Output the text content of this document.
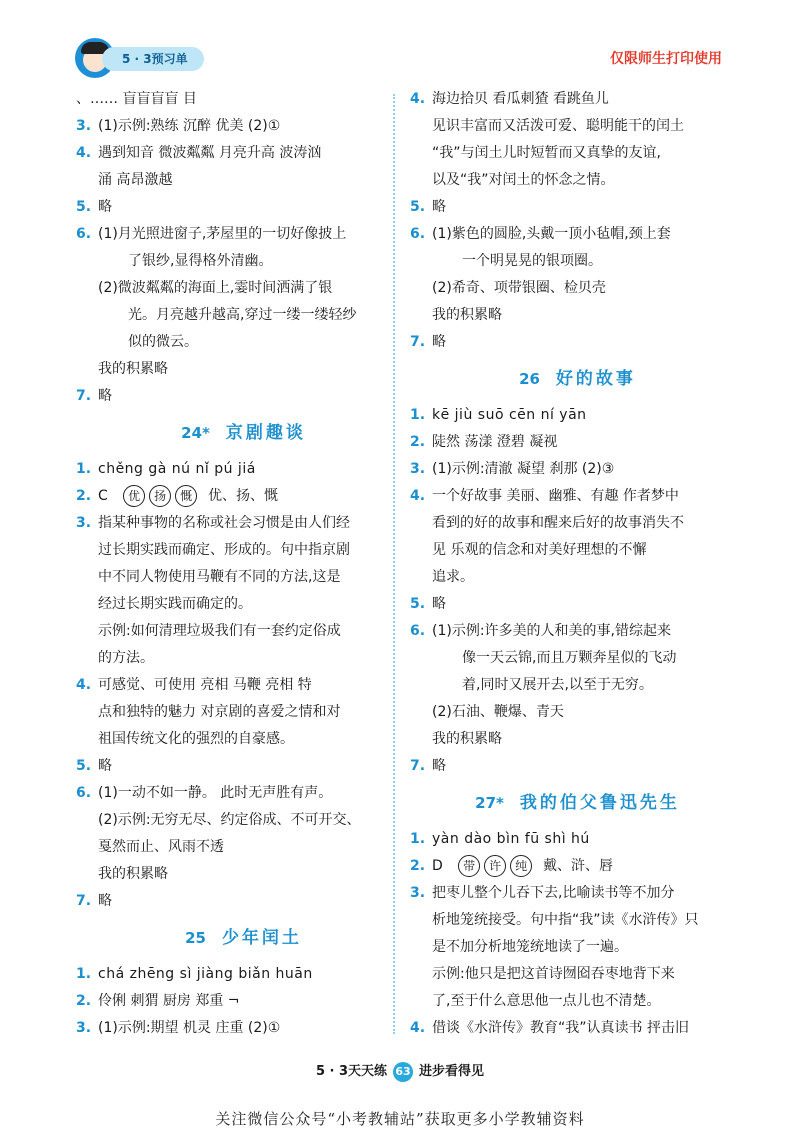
5 · 3预习单	仅限师生打印使用
、…… 盲盲盲盲 目
3. (1)示例:熟练 沉醉 优美 (2)①
4. 遇到知音 微波粼粼 月亮升高 波涛汹
涌 高昂激越
5. 略
6. (1)月光照进窗子,茅屋里的一切好像披上
了银纱,显得格外清幽。
(2)微波粼粼的海面上,霎时间洒满了银
光。月亮越升越高,穿过一缕一缕轻纱
似的微云。
我的积累略
7. 略
24* 京剧趣谈
1. chěng gà nú nǐ pú jiá
2. C 优 扬 慨 优、扬、慨
3. 指某种事物的名称或社会习惯是由人们经
过长期实践而确定、形成的。句中指京剧
中不同人物使用马鞭有不同的方法,这是
经过长期实践而确定的。
示例:如何清理垃圾我们有一套约定俗成
的方法。
4. 可感觉、可使用 亮相 马鞭 亮相 特
点和独特的魅力 对京剧的喜爱之情和对
祖国传统文化的强烈的自豪感。
5. 略
6. (1)一动不如一静。 此时无声胜有声。
(2)示例:无穷无尽、约定俗成、不可开交、
戛然而止、风雨不透
我的积累略
7. 略
25 少年闰土
1. chá zhēng sì jiàng biǎn huān
2. 伶俐 刺猬 厨房 郑重 ¬
3. (1)示例:期望 机灵 庄重 (2)①
4. 海边拾贝 看瓜刺猹 看跳鱼儿
见识丰富而又活泼可爱、聪明能干的闰土
“我”与闰土儿时短暂而又真挚的友谊,
以及“我”对闰土的怀念之情。
5. 略
6. (1)紫色的圆脸,头戴一顶小毡帽,颈上套
一个明晃晃的银项圈。
(2)希奇、项带银圈、检贝壳
我的积累略
7. 略
26 好的故事
1. kē jiù suō cēn ní yān
2. 陡然 荡漾 澄碧 凝视
3. (1)示例:清澈 凝望 刹那 (2)③
4. 一个好故事 美丽、幽雅、有趣 作者梦中
看到的好的故事和醒来后好的故事消失不
见 乐观的信念和对美好理想的不懈
追求。
5. 略
6. (1)示例:许多美的人和美的事,错综起来
像一天云锦,而且万颗奔星似的飞动
着,同时又展开去,以至于无穷。
(2)石油、鞭爆、青天
我的积累略
7. 略
27* 我的伯父鲁迅先生
1. yàn dào bìn fū shì hú
2. D 带 许 纯 戴、浒、唇
3. 把枣儿整个儿吞下去,比喻读书等不加分
析地笼统接受。句中指“我”读《水浒传》只
是不加分析地笼统地读了一遍。
示例:他只是把这首诗囫囵吞枣地背下来
了,至于什么意思他一点儿也不清楚。
4. 借谈《水浒传》教育“我”认真读书 抨击旧
5 · 3天天练 63 进步看得见
关注微信公众号“小考教辅站”获取更多小学教辅资料
